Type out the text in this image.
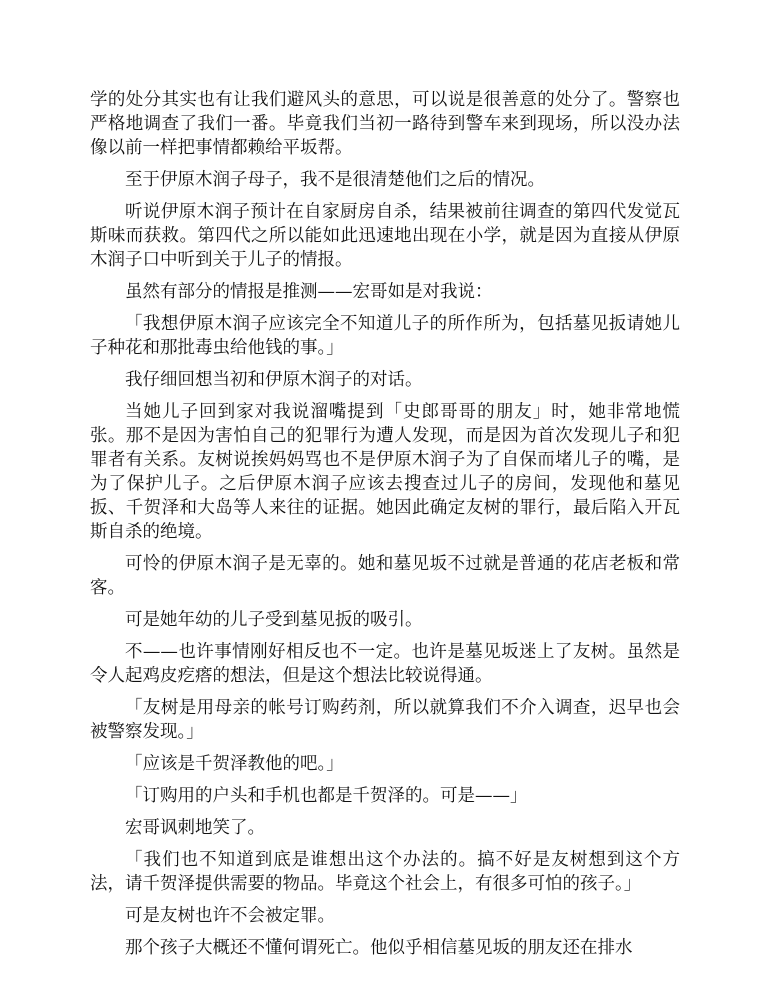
学的处分其实也有让我们避风头的意思，可以说是很善意的处分了。警察也严格地调查了我们一番。毕竟我们当初一路待到警车来到现场，所以没办法像以前一样把事情都赖给平坂帮。

至于伊原木润子母子，我不是很清楚他们之后的情况。

听说伊原木润子预计在自家厨房自杀，结果被前往调查的第四代发觉瓦斯味而获救。第四代之所以能如此迅速地出现在小学，就是因为直接从伊原木润子口中听到关于儿子的情报。

虽然有部分的情报是推测——宏哥如是对我说：

「我想伊原木润子应该完全不知道儿子的所作所为，包括墓见扳请她儿子种花和那批毒虫给他钱的事。」

我仔细回想当初和伊原木润子的对话。

当她儿子回到家对我说溜嘴提到「史郎哥哥的朋友」时，她非常地慌张。那不是因为害怕自己的犯罪行为遭人发现，而是因为首次发现儿子和犯罪者有关系。友树说挨妈妈骂也不是伊原木润子为了自保而堵儿子的嘴，是为了保护儿子。之后伊原木润子应该去搜查过儿子的房间，发现他和墓见扳、千贺泽和大岛等人来往的证据。她因此确定友树的罪行，最后陷入开瓦斯自杀的绝境。

可怜的伊原木润子是无辜的。她和墓见坂不过就是普通的花店老板和常客。

可是她年幼的儿子受到墓见扳的吸引。

不——也许事情刚好相反也不一定。也许是墓见坂迷上了友树。虽然是令人起鸡皮疙瘩的想法，但是这个想法比较说得通。

「友树是用母亲的帐号订购药剂，所以就算我们不介入调查，迟早也会被警察发现。」

「应该是千贺泽教他的吧。」

「订购用的户头和手机也都是千贺泽的。可是——」

宏哥讽刺地笑了。

「我们也不知道到底是谁想出这个办法的。搞不好是友树想到这个方法，请千贺泽提供需要的物品。毕竟这个社会上，有很多可怕的孩子。」

可是友树也许不会被定罪。

那个孩子大概还不懂何谓死亡。他似乎相信墓见坂的朋友还在排水
